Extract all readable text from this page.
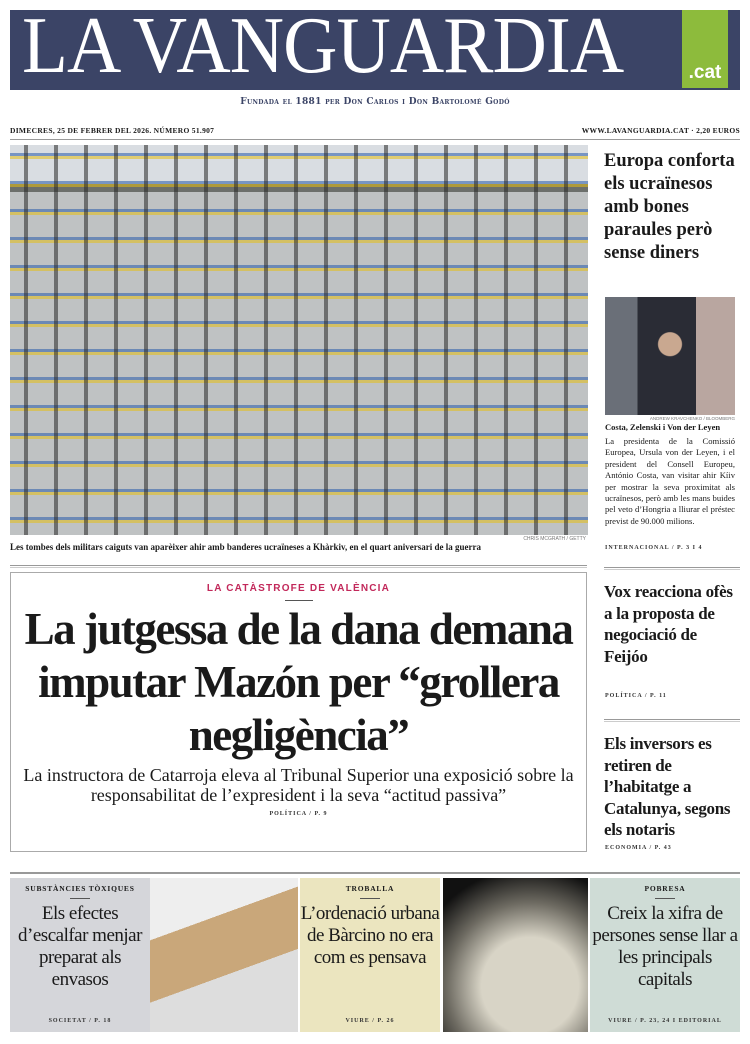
LA VANGUARDIA	.cat
Fundada el 1881 per Don Carlos i Don Bartolomé Godó
DIMECRES, 25 DE FEBRER DEL 2026. NÚMERO 51.907	WWW.LAVANGUARDIA.CAT · 2,20 EUROS
CHRIS MCGRATH / GETTY
Les tombes dels militars caiguts van aparèixer ahir amb banderes ucraïneses a Khàrkiv, en el quart aniversari de la guerra
Europa conforta els ucraïnesos amb bones paraules però sense diners
ANDREW KRAVCHENKO / BLOOMBERG
Costa, Zelenski i Von der Leyen
La presidenta de la Comissió Europea, Ursula von der Leyen, i el president del Consell Europeu, António Costa, van visitar ahir Kíiv per mostrar la seva proximitat als ucraïnesos, però amb les mans buides pel veto d’Hongria a lliurar el préstec previst de 90.000 milions.
INTERNACIONAL / P. 3 I 4
LA CATÀSTROFE DE VALÈNCIA
La jutgessa de la dana demana imputar Mazón per “grollera negligència”
La instructora de Catarroja eleva al Tribunal Superior una exposició sobre la responsabilitat de l’expresident i la seva “actitud passiva”
POLÍTICA / P. 9
Vox reacciona ofès a la proposta de negociació de Feijóo
POLÍTICA / P. 11
Els inversors es retiren de l’habitatge a Catalunya, segons els notaris
ECONOMIA / P. 43
SUBSTÀNCIES TÒXIQUES
Els efectes d’escalfar menjar preparat als envasos
SOCIETAT / P. 18
TROBALLA
L’ordenació urbana de Bàrcino no era com es pensava
VIURE / P. 26
POBRESA
Creix la xifra de persones sense llar a les principals capitals
VIURE / P. 23, 24 I EDITORIAL
